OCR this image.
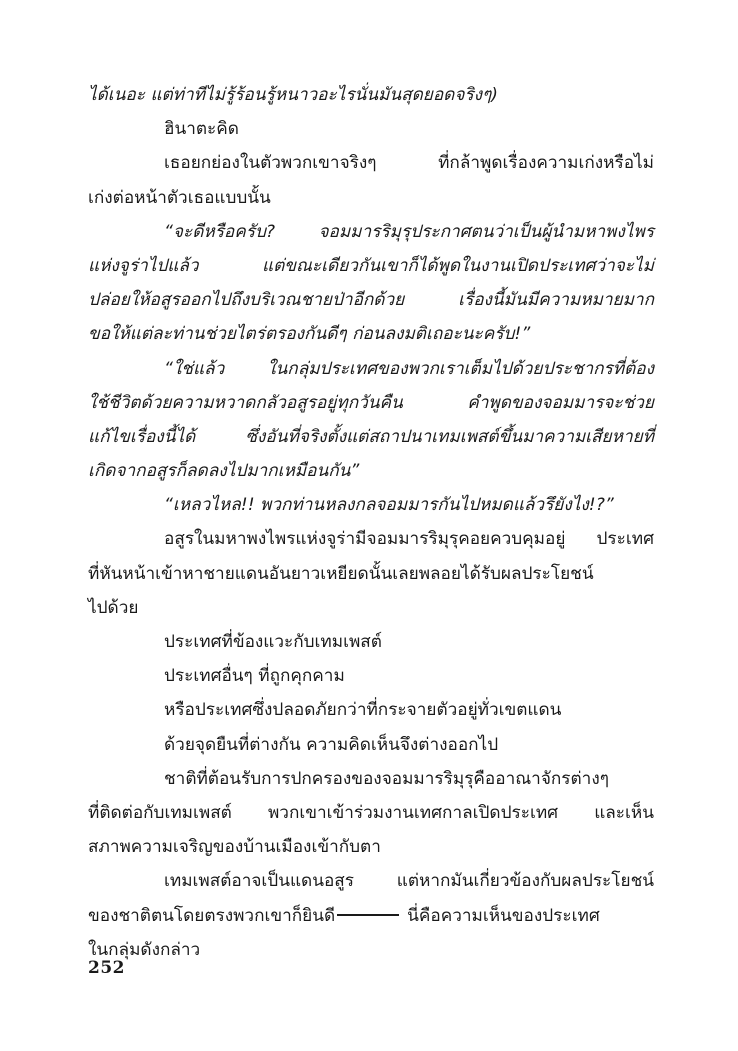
ได้เนอะ แต่ท่าทีไม่รู้ร้อนรู้หนาวอะไรนั่นมันสุดยอดจริงๆ)
ฮินาตะคิด
เธอยกย่องในตัวพวกเขาจริงๆ ที่กล้าพูดเรื่องความเก่งหรือไม่
เก่งต่อหน้าตัวเธอแบบนั้น
“จะดีหรือครับ? จอมมารริมุรุประกาศตนว่าเป็นผู้นำมหาพงไพร
แห่งจูร่าไปแล้ว แต่ขณะเดียวกันเขาก็ได้พูดในงานเปิดประเทศว่าจะไม่
ปล่อยให้อสูรออกไปถึงบริเวณชายป่าอีกด้วย เรื่องนี้มันมีความหมายมาก
ขอให้แต่ละท่านช่วยไตร่ตรองกันดีๆ ก่อนลงมติเถอะนะครับ!”
“ใช่แล้ว ในกลุ่มประเทศของพวกเราเต็มไปด้วยประชากรที่ต้อง
ใช้ชีวิตด้วยความหวาดกลัวอสูรอยู่ทุกวันคืน คำพูดของจอมมารจะช่วย
แก้ไขเรื่องนี้ได้ ซึ่งอันที่จริงตั้งแต่สถาปนาเทมเพสต์ขึ้นมาความเสียหายที่
เกิดจากอสูรก็ลดลงไปมากเหมือนกัน”
“เหลวไหล!! พวกท่านหลงกลจอมมารกันไปหมดแล้วรึยังไง!?”
อสูรในมหาพงไพรแห่งจูร่ามีจอมมารริมุรุคอยควบคุมอยู่ ประเทศ
ที่หันหน้าเข้าหาชายแดนอันยาวเหยียดนั้นเลยพลอยได้รับผลประโยชน์
ไปด้วย
ประเทศที่ข้องแวะกับเทมเพสต์
ประเทศอื่นๆ ที่ถูกคุกคาม
หรือประเทศซึ่งปลอดภัยกว่าที่กระจายตัวอยู่ทั่วเขตแดน
ด้วยจุดยืนที่ต่างกัน ความคิดเห็นจึงต่างออกไป
ชาติที่ต้อนรับการปกครองของจอมมารริมุรุคืออาณาจักรต่างๆ
ที่ติดต่อกับเทมเพสต์ พวกเขาเข้าร่วมงานเทศกาลเปิดประเทศ และเห็น
สภาพความเจริญของบ้านเมืองเข้ากับตา
เทมเพสต์อาจเป็นแดนอสูร แต่หากมันเกี่ยวข้องกับผลประโยชน์
ของชาติตนโดยตรงพวกเขาก็ยินดี	นี่คือความเห็นของประเทศ
ในกลุ่มดังกล่าว
252
